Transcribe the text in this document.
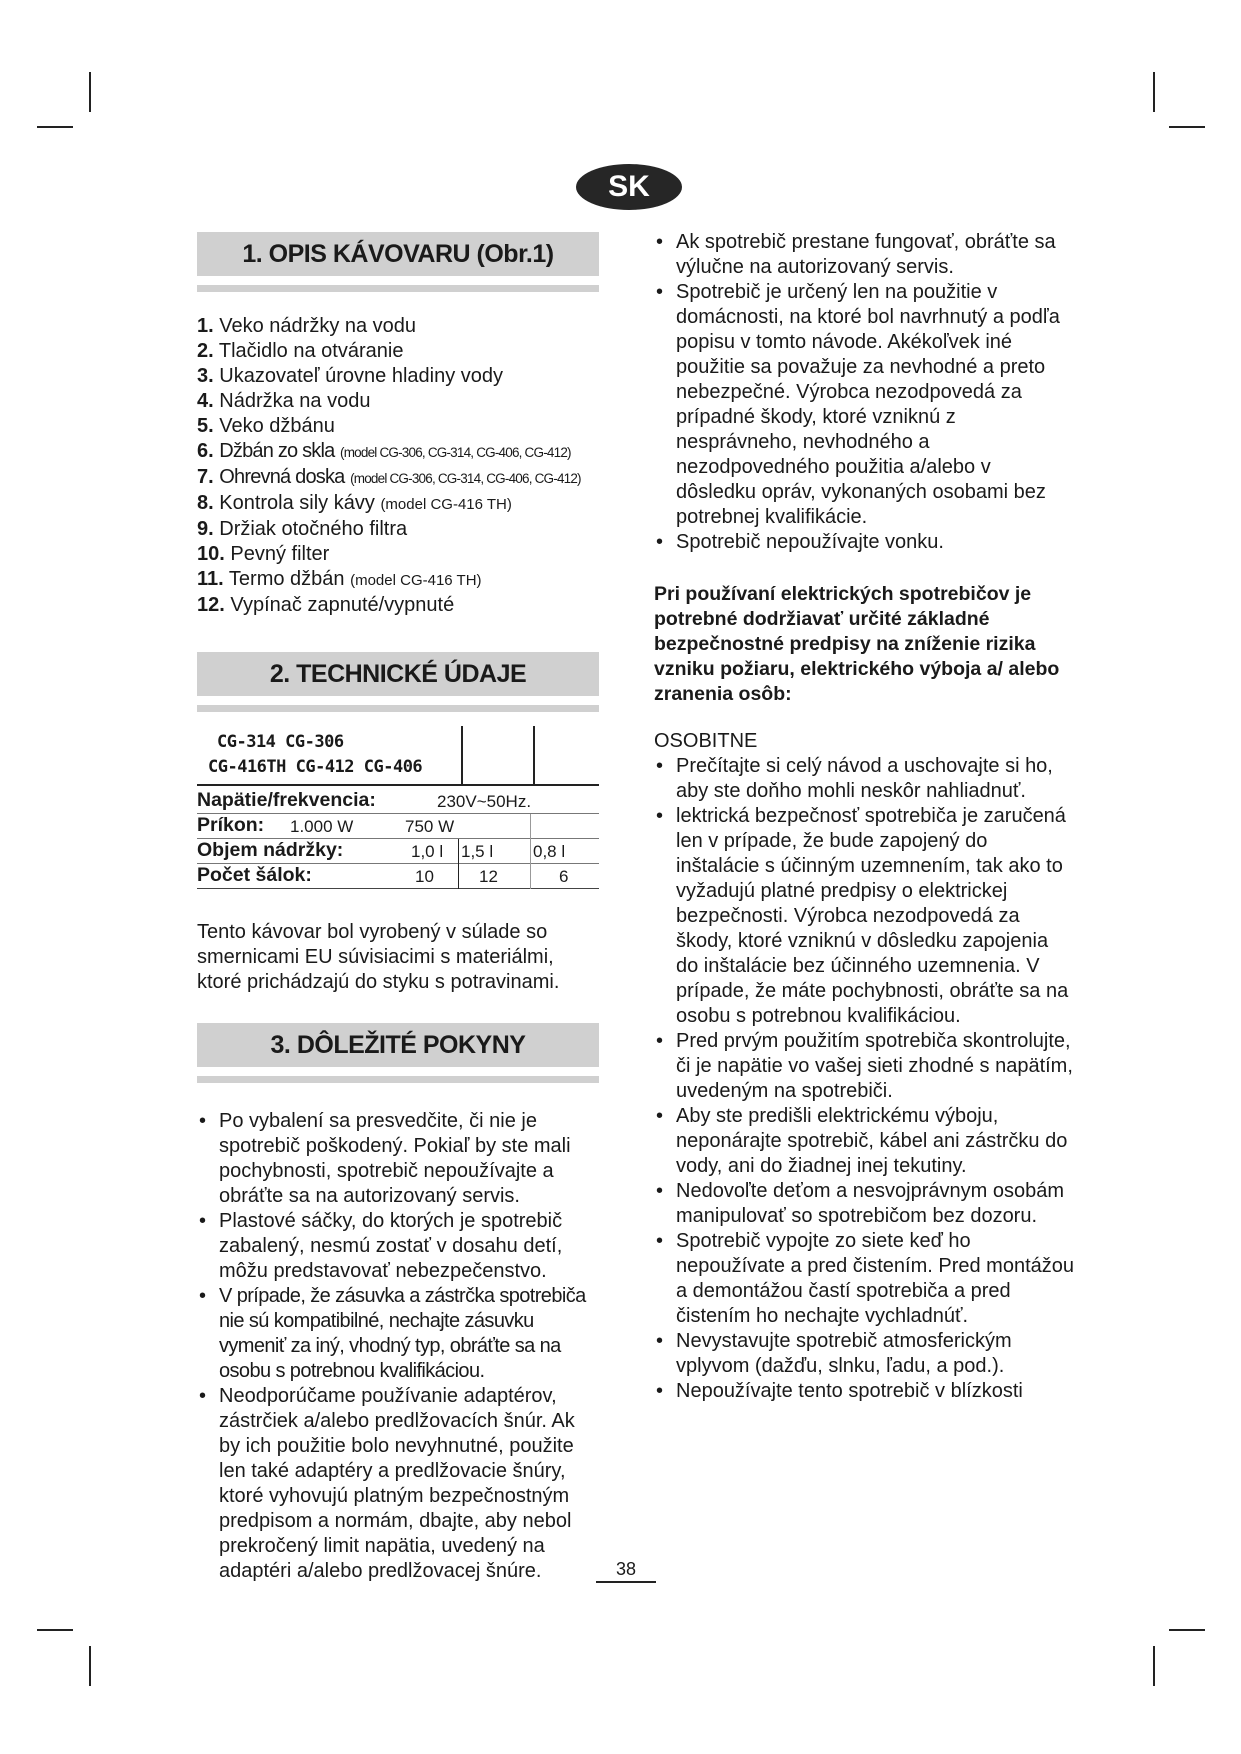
SK
1. OPIS KÁVOVARU (Obr.1)
1. Veko nádržky na vodu
2. Tlačidlo na otváranie
3. Ukazovateľ úrovne hladiny vody
4. Nádržka na vodu
5. Veko džbánu
6. Džbán zo skla (model CG-306, CG-314, CG-406, CG-412)
7. Ohrevná doska (model CG-306, CG-314, CG-406, CG-412)
8. Kontrola sily kávy (model CG-416 TH)
9. Držiak otočného filtra
10. Pevný filter
11. Termo džbán (model CG-416 TH)
12. Vypínač zapnuté/vypnuté
2. TECHNICKÉ ÚDAJE
CG-314 CG-306
CG-416TH CG-412 CG-406
Napätie/frekvencia:	230V~50Hz.
Príkon: 1.000 W	750 W
Objem nádržky:	1,0 l 1,5 l 0,8 l
Počet šálok:	10	12	6
Tento kávovar bol vyrobený v súlade so smernicami EU súvisiacimi s materiálmi, ktoré prichádzajú do styku s potravinami.
3. DÔLEŽITÉ POKYNY
• Po vybalení sa presvedčite, či nie je spotrebič poškodený. Pokiaľ by ste mali pochybnosti, spotrebič nepoužívajte a obráťte sa na autorizovaný servis.
• Plastové sáčky, do ktorých je spotrebič zabalený, nesmú zostať v dosahu detí, môžu predstavovať nebezpečenstvo.
• V prípade, že zásuvka a zástrčka spotrebiča nie sú kompatibilné, nechajte zásuvku vymeniť za iný, vhodný typ, obráťte sa na osobu s potrebnou kvalifikáciou.
• Neodporúčame používanie adaptérov, zástrčiek a/alebo predlžovacích šnúr. Ak by ich použitie bolo nevyhnutné, použite len také adaptéry a predlžovacie šnúry, ktoré vyhovujú platným bezpečnostným predpisom a normám, dbajte, aby nebol prekročený limit napätia, uvedený na adaptéri a/alebo predlžovacej šnúre.
• Ak spotrebič prestane fungovať, obráťte sa výlučne na autorizovaný servis.
• Spotrebič je určený len na použitie v domácnosti, na ktoré bol navrhnutý a podľa popisu v tomto návode. Akékoľvek iné použitie sa považuje za nevhodné a preto nebezpečné. Výrobca nezodpovedá za prípadné škody, ktoré vzniknú z nesprávneho, nevhodného a nezodpovedného použitia a/alebo v dôsledku opráv, vykonaných osobami bez potrebnej kvalifikácie.
• Spotrebič nepoužívajte vonku.
Pri používaní elektrických spotrebičov je potrebné dodržiavať určité základné bezpečnostné predpisy na zníženie rizika vzniku požiaru, elektrického výboja a/ alebo zranenia osôb:
OSOBITNE
• Prečítajte si celý návod a uschovajte si ho, aby ste doňho mohli neskôr nahliadnuť.
• lektrická bezpečnosť spotrebiča je zaručená len v prípade, že bude zapojený do inštalácie s účinným uzemnením, tak ako to vyžadujú platné predpisy o elektrickej bezpečnosti. Výrobca nezodpovedá za škody, ktoré vzniknú v dôsledku zapojenia do inštalácie bez účinného uzemnenia. V prípade, že máte pochybnosti, obráťte sa na osobu s potrebnou kvalifikáciou.
• Pred prvým použitím spotrebiča skontrolujte, či je napätie vo vašej sieti zhodné s napätím, uvedeným na spotrebiči.
• Aby ste predišli elektrickému výboju, neponárajte spotrebič, kábel ani zástrčku do vody, ani do žiadnej inej tekutiny.
• Nedovoľte deťom a nesvojprávnym osobám manipulovať so spotrebičom bez dozoru.
• Spotrebič vypojte zo siete keď ho nepoužívate a pred čistením. Pred montážou a demontážou častí spotrebiča a pred čistením ho nechajte vychladnúť.
• Nevystavujte spotrebič atmosferickým vplyvom (dažďu, slnku, ľadu, a pod.).
• Nepoužívajte tento spotrebič v blízkosti
38
